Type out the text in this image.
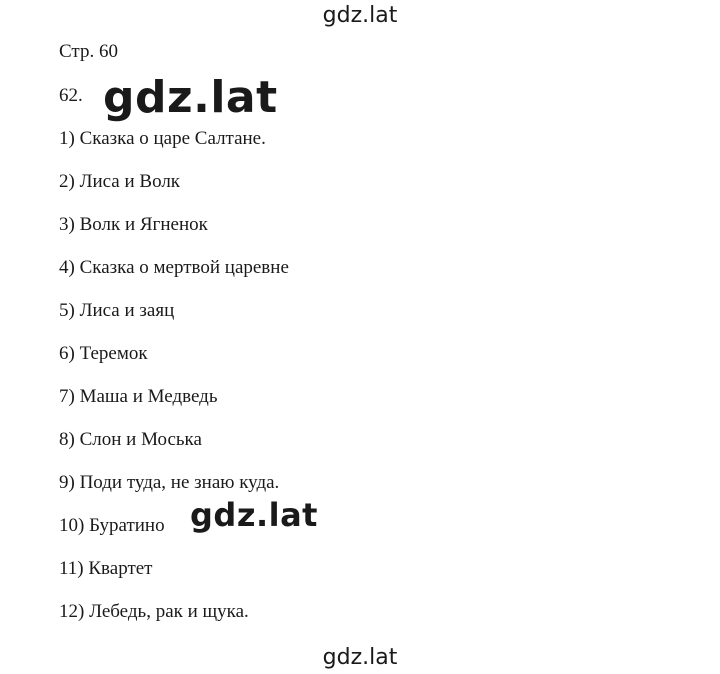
gdz.lat
Стр. 60
62.
1) Сказка о царе Салтане.
2) Лиса и Волк
3) Волк и Ягненок
4) Сказка о мертвой царевне
5) Лиса и заяц
6) Теремок
7) Маша и Медведь
8) Слон и Моська
9) Поди туда, не знаю куда.
10) Буратино
11) Квартет
12) Лебедь, рак и щука.
gdz.lat
gdz.lat
gdz.lat
